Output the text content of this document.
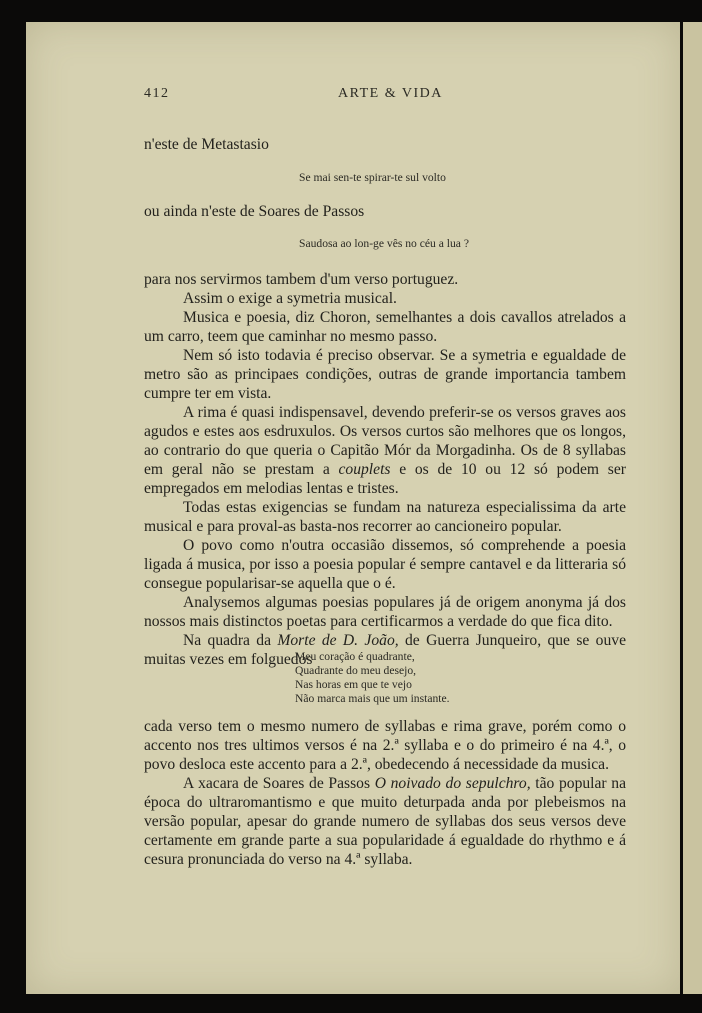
412	ARTE & VIDA

n'este de Metastasio

Se mai sen-te spirar-te sul volto

ou ainda n'este de Soares de Passos

Saudosa ao lon-ge vês no céu a lua ?

para nos servirmos tambem d'um verso portuguez.

Assim o exige a symetria musical.

Musica e poesia, diz Choron, semelhantes a dois cavallos atrelados a um carro, teem que caminhar no mesmo passo.

Nem só isto todavia é preciso observar. Se a symetria e egualdade de metro são as principaes condições, outras de grande importancia tambem cumpre ter em vista.

A rima é quasi indispensavel, devendo preferir-se os versos graves aos agudos e estes aos esdruxulos. Os versos curtos são melhores que os longos, ao contrario do que queria o Capitão Mór da Morgadinha. Os de 8 syllabas em geral não se prestam a couplets e os de 10 ou 12 só podem ser empregados em melodias lentas e tristes.

Todas estas exigencias se fundam na natureza especialissima da arte musical e para proval-as basta-nos recorrer ao cancioneiro popular.

O povo como n'outra occasião dissemos, só comprehende a poesia ligada á musica, por isso a poesia popular é sempre cantavel e da litteraria só consegue popularisar-se aquella que o é.

Analysemos algumas poesias populares já de origem anonyma já dos nossos mais distinctos poetas para certificarmos a verdade do que fica dito.

Na quadra da Morte de D. João, de Guerra Junqueiro, que se ouve muitas vezes em folguedos

Meu coração é quadrante,
Quadrante do meu desejo,
Nas horas em que te vejo
Não marca mais que um instante.

cada verso tem o mesmo numero de syllabas e rima grave, porém como o accento nos tres ultimos versos é na 2.ª syllaba e o do primeiro é na 4.ª, o povo desloca este accento para a 2.ª, obedecendo á necessidade da musica.

A xacara de Soares de Passos O noivado do sepulchro, tão popular na época do ultraromantismo e que muito deturpada anda por plebeismos na versão popular, apesar do grande numero de syllabas dos seus versos deve certamente em grande parte a sua popularidade á egualdade do rhythmo e á cesura pronunciada do verso na 4.ª syllaba.
